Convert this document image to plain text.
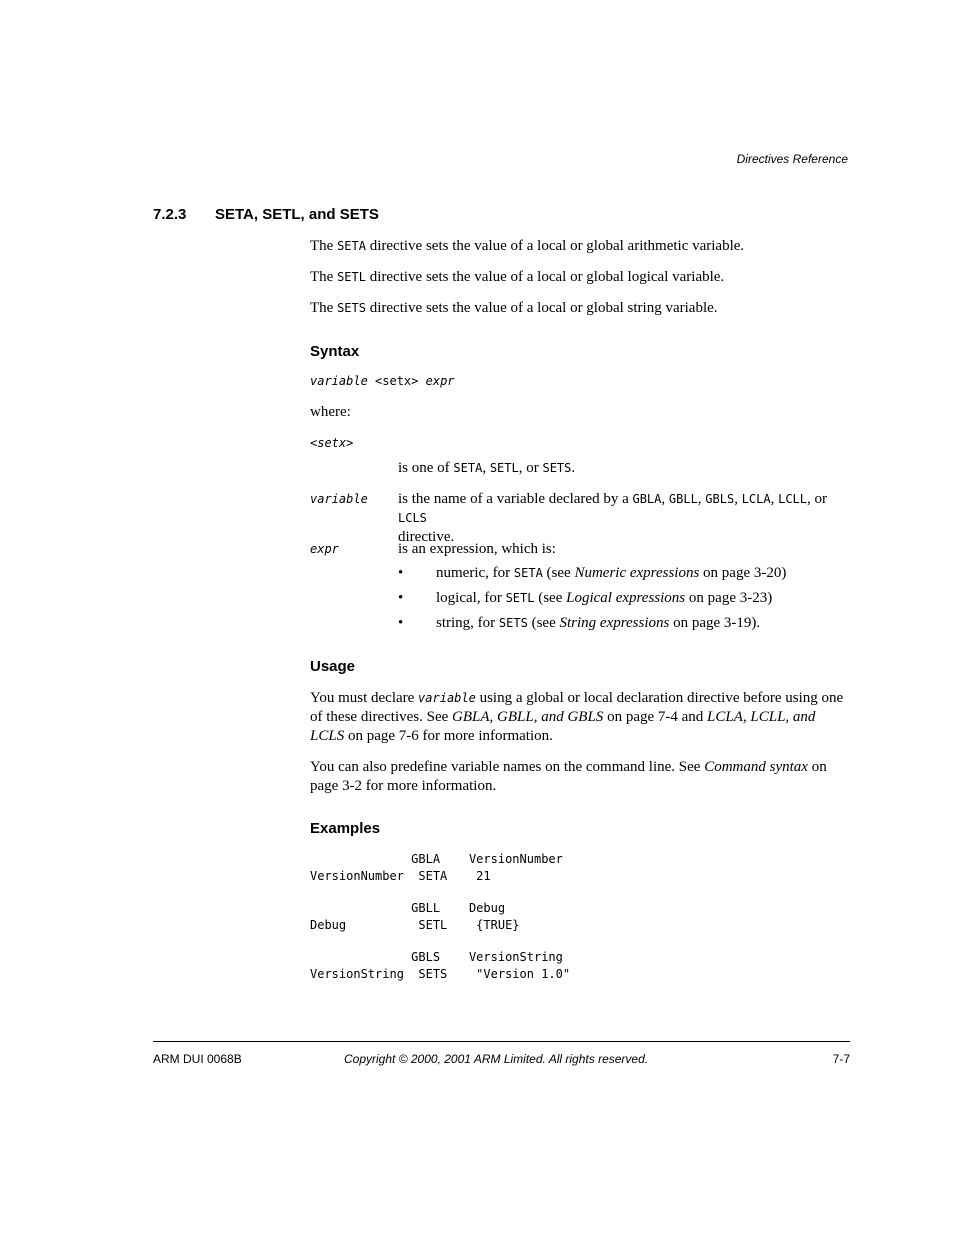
Directives Reference
7.2.3 SETA, SETL, and SETS
The SETA directive sets the value of a local or global arithmetic variable.
The SETL directive sets the value of a local or global logical variable.
The SETS directive sets the value of a local or global string variable.
Syntax
variable <setx> expr
where:
<setx>
is one of SETA, SETL, or SETS.
variable is the name of a variable declared by a GBLA, GBLL, GBLS, LCLA, LCLL, or LCLS
directive.
expr	is an expression, which is:
• numeric, for SETA (see Numeric expressions on page 3-20)
• logical, for SETL (see Logical expressions on page 3-23)
• string, for SETS (see String expressions on page 3-19).
Usage
You must declare variable using a global or local declaration directive before using one of these directives. See GBLA, GBLL, and GBLS on page 7-4 and LCLA, LCLL, and LCLS on page 7-6 for more information.
You can also predefine variable names on the command line. See Command syntax on page 3-2 for more information.
Examples
GBLA    VersionNumber
VersionNumber  SETA    21
GBLL    Debug
Debug          SETL    {TRUE}
GBLS    VersionString
VersionString  SETS    "Version 1.0"
ARM DUI 0068B	Copyright © 2000, 2001 ARM Limited. All rights reserved.	7-7
